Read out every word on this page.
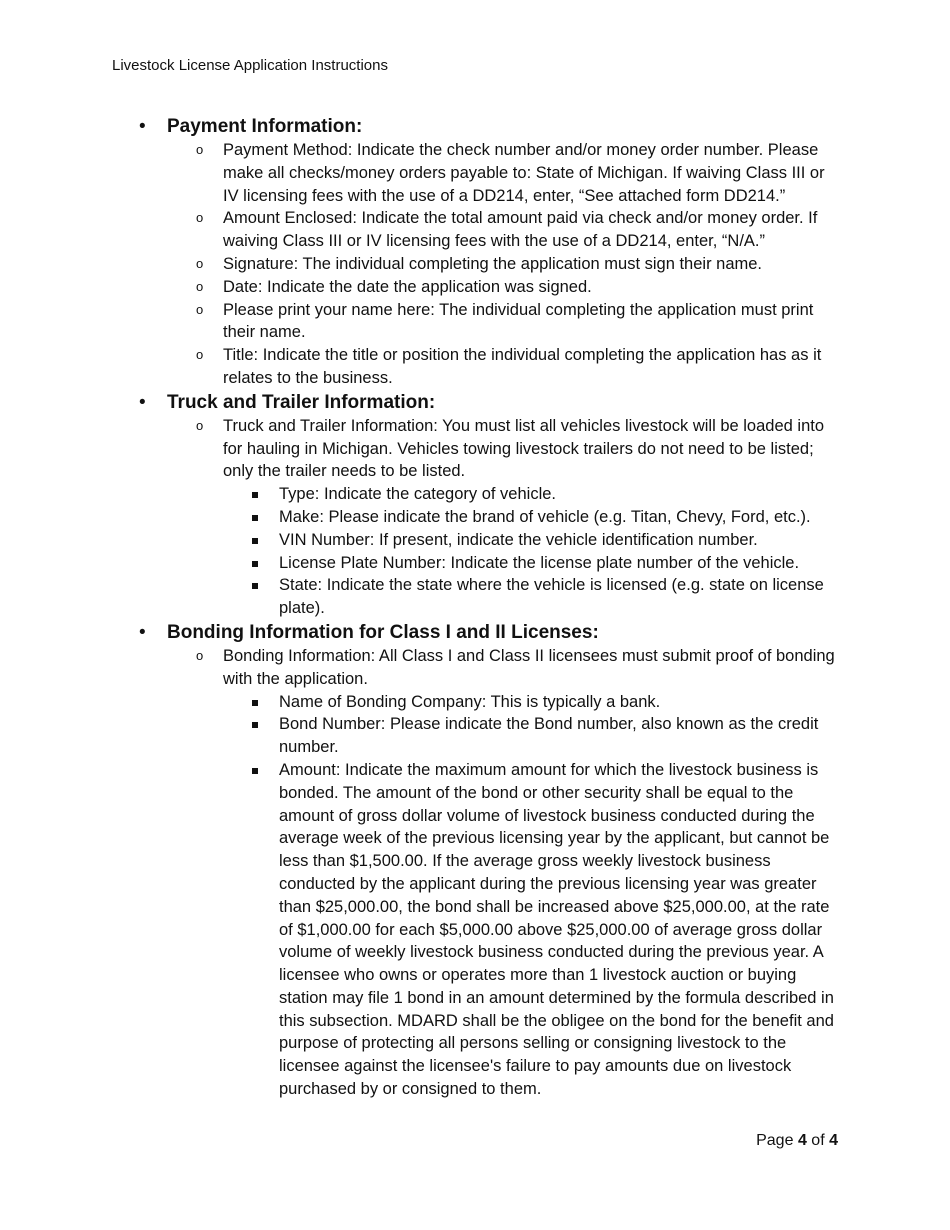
Livestock License Application Instructions
• Payment Information:
o Payment Method: Indicate the check number and/or money order number. Please make all checks/money orders payable to: State of Michigan. If waiving Class III or IV licensing fees with the use of a DD214, enter, “See attached form DD214.”
o Amount Enclosed: Indicate the total amount paid via check and/or money order. If waiving Class III or IV licensing fees with the use of a DD214, enter, “N/A.”
o Signature: The individual completing the application must sign their name.
o Date: Indicate the date the application was signed.
o Please print your name here: The individual completing the application must print their name.
o Title: Indicate the title or position the individual completing the application has as it relates to the business.
• Truck and Trailer Information:
o Truck and Trailer Information: You must list all vehicles livestock will be loaded into for hauling in Michigan. Vehicles towing livestock trailers do not need to be listed; only the trailer needs to be listed.
Type: Indicate the category of vehicle.
Make: Please indicate the brand of vehicle (e.g. Titan, Chevy, Ford, etc.).
VIN Number: If present, indicate the vehicle identification number.
License Plate Number: Indicate the license plate number of the vehicle.
State: Indicate the state where the vehicle is licensed (e.g. state on license plate).
• Bonding Information for Class I and II Licenses:
o Bonding Information: All Class I and Class II licensees must submit proof of bonding with the application.
Name of Bonding Company: This is typically a bank.
Bond Number: Please indicate the Bond number, also known as the credit number.
Amount: Indicate the maximum amount for which the livestock business is bonded. The amount of the bond or other security shall be equal to the amount of gross dollar volume of livestock business conducted during the average week of the previous licensing year by the applicant, but cannot be less than $1,500.00. If the average gross weekly livestock business conducted by the applicant during the previous licensing year was greater than $25,000.00, the bond shall be increased above $25,000.00, at the rate of $1,000.00 for each $5,000.00 above $25,000.00 of average gross dollar volume of weekly livestock business conducted during the previous year. A licensee who owns or operates more than 1 livestock auction or buying station may file 1 bond in an amount determined by the formula described in this subsection. MDARD shall be the obligee on the bond for the benefit and purpose of protecting all persons selling or consigning livestock to the licensee against the licensee's failure to pay amounts due on livestock purchased by or consigned to them.
Page 4 of 4
